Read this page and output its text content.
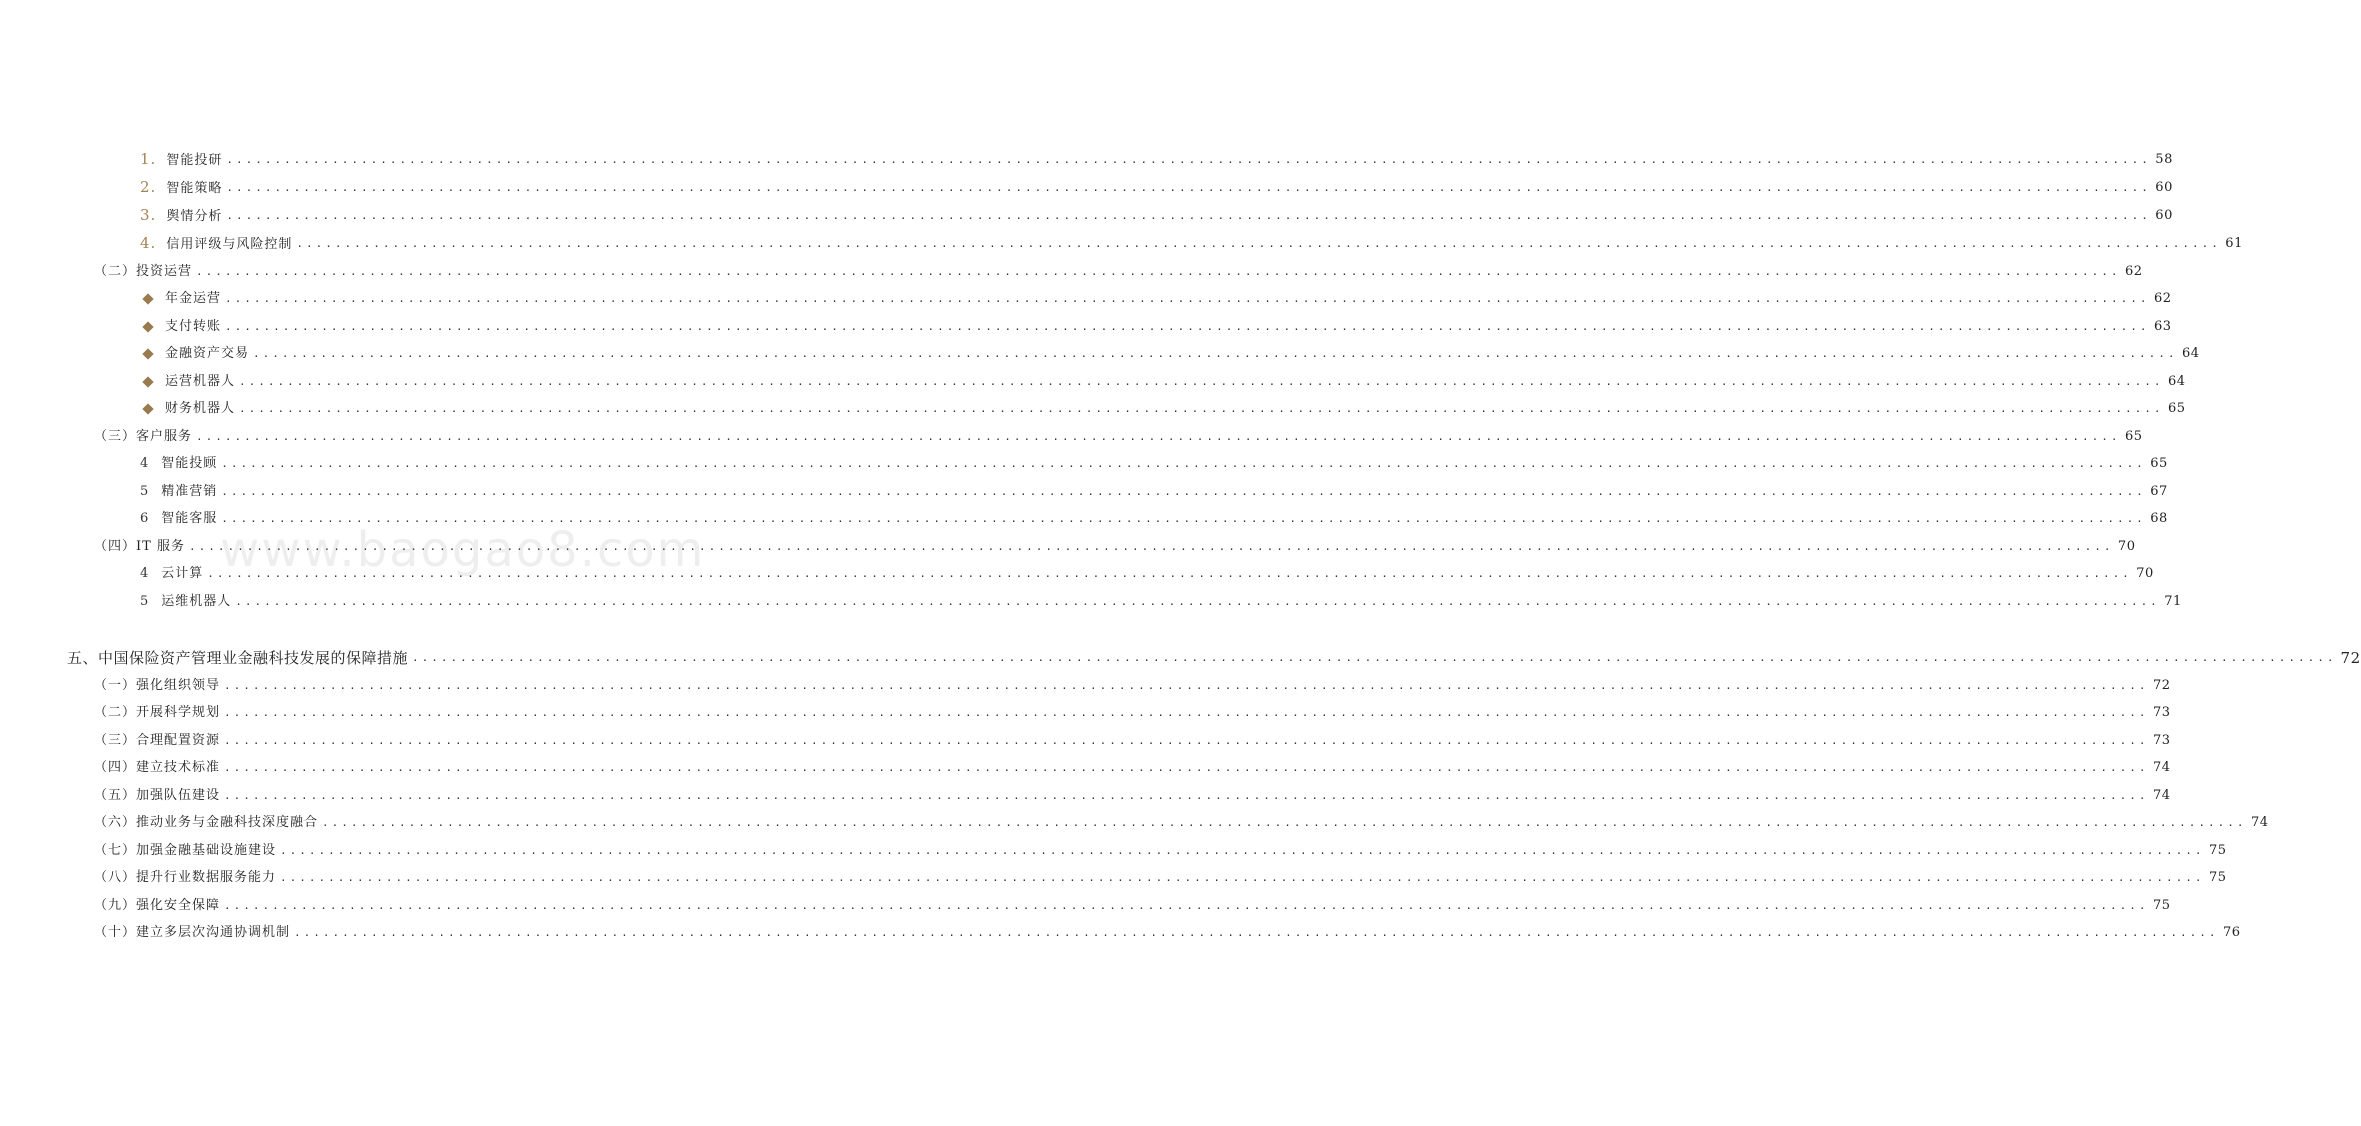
1. 智能投研 ........................................................................................................................................................................................................ 58
2. 智能策略 ........................................................................................................................................................................................................ 60
3. 舆情分析 ........................................................................................................................................................................................................ 60
4. 信用评级与风险控制 ........................................................................................................................................................................................................ 61
（二）投资运营 ........................................................................................................................................................................................................ 62
年金运营 ........................................................................................................................................................................................................ 62
支付转账 ........................................................................................................................................................................................................ 63
金融资产交易 ........................................................................................................................................................................................................ 64
运营机器人 ........................................................................................................................................................................................................ 64
财务机器人 ........................................................................................................................................................................................................ 65
（三）客户服务 ........................................................................................................................................................................................................ 65
4 智能投顾 ........................................................................................................................................................................................................ 65
5 精准营销 ........................................................................................................................................................................................................ 67
6 智能客服 ........................................................................................................................................................................................................ 68
（四）IT 服务 ........................................................................................................................................................................................................ 70
4 云计算 ........................................................................................................................................................................................................ 70
5 运维机器人 ........................................................................................................................................................................................................ 71
五、中国保险资产管理业金融科技发展的保障措施 ........................................................................................................................................................................................................ 72
（一）强化组织领导 ........................................................................................................................................................................................................ 72
（二）开展科学规划 ........................................................................................................................................................................................................ 73
（三）合理配置资源 ........................................................................................................................................................................................................ 73
（四）建立技术标准 ........................................................................................................................................................................................................ 74
（五）加强队伍建设 ........................................................................................................................................................................................................ 74
（六）推动业务与金融科技深度融合 ........................................................................................................................................................................................................ 74
（七）加强金融基础设施建设 ........................................................................................................................................................................................................ 75
（八）提升行业数据服务能力 ........................................................................................................................................................................................................ 75
（九）强化安全保障 ........................................................................................................................................................................................................ 75
（十）建立多层次沟通协调机制 ........................................................................................................................................................................................................ 76
www.baogao8.com
